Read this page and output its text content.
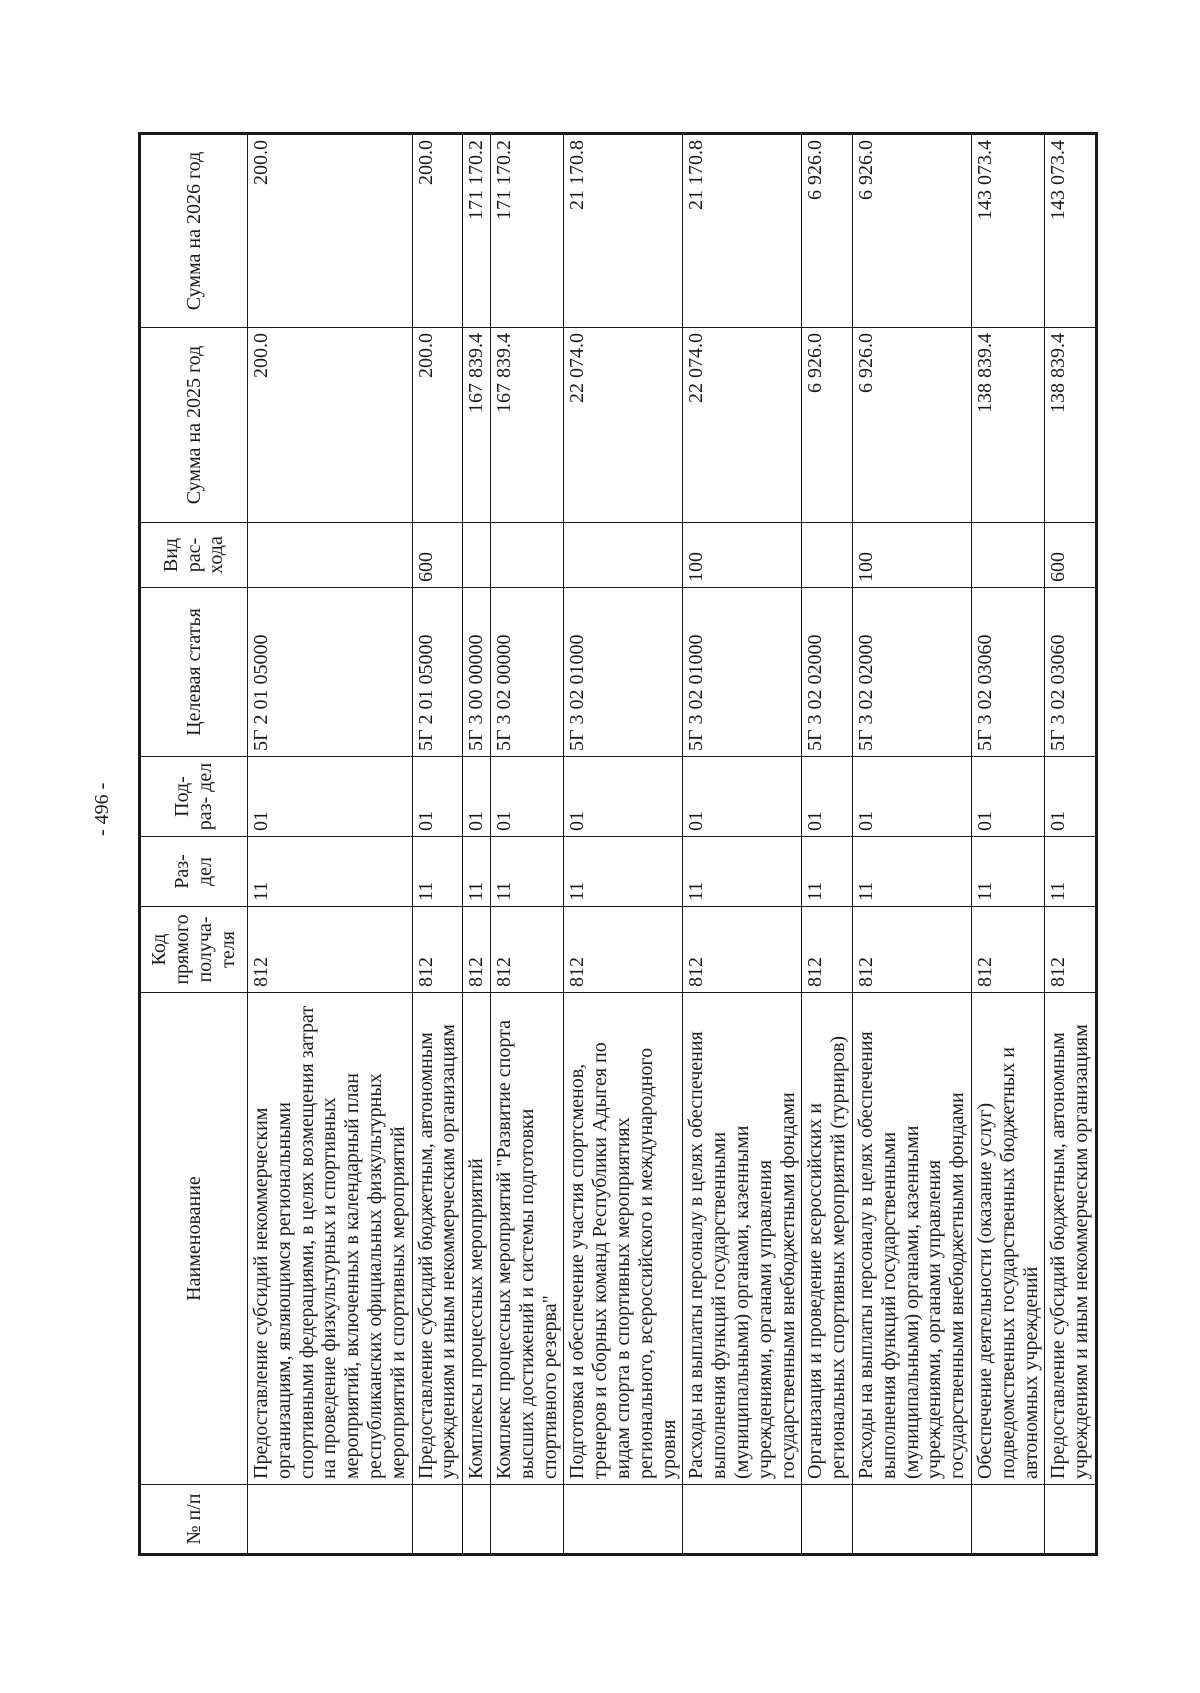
- 496 -
№ п/п	Наименование	Код прямого получа- теля	Раз- дел	Под- раз- дел	Целевая статья	Вид рас- хода	Сумма на 2025 год	Сумма на 2026 год
	Предоставление субсидий некоммерческим организациям, являющимся региональными спортивными федерациями, в целях возмещения затрат на проведение физкультурных и спортивных мероприятий, включенных в календарный план республиканских официальных физкультурных мероприятий и спортивных мероприятий	812	11	01	5Г 2 01 05000		200.0	200.0
	Предоставление субсидий бюджетным, автономным учреждениям и иным некоммерческим организациям	812	11	01	5Г 2 01 05000	600	200.0	200.0
	Комплексы процессных мероприятий	812	11	01	5Г 3 00 00000		167 839.4	171 170.2
	Комплекс процессных мероприятий "Развитие спорта высших достижений и системы подготовки спортивного резерва"	812	11	01	5Г 3 02 00000		167 839.4	171 170.2
	Подготовка и обеспечение участия спортсменов, тренеров и сборных команд Республики Адыгея по видам спорта в спортивных мероприятиях регионального, всероссийского и международного уровня	812	11	01	5Г 3 02 01000		22 074.0	21 170.8
	Расходы на выплаты персоналу в целях обеспечения выполнения функций государственными (муниципальными) органами, казенными учреждениями, органами управления государственными внебюджетными фондами	812	11	01	5Г 3 02 01000	100	22 074.0	21 170.8
	Организация и проведение всероссийских и региональных спортивных мероприятий (турниров)	812	11	01	5Г 3 02 02000		6 926.0	6 926.0
	Расходы на выплаты персоналу в целях обеспечения выполнения функций государственными (муниципальными) органами, казенными учреждениями, органами управления государственными внебюджетными фондами	812	11	01	5Г 3 02 02000	100	6 926.0	6 926.0
	Обеспечение деятельности (оказание услуг) подведомственных государственных бюджетных и автономных учреждений	812	11	01	5Г 3 02 03060		138 839.4	143 073.4
	Предоставление субсидий бюджетным, автономным учреждениям и иным некоммерческим организациям	812	11	01	5Г 3 02 03060	600	138 839.4	143 073.4
